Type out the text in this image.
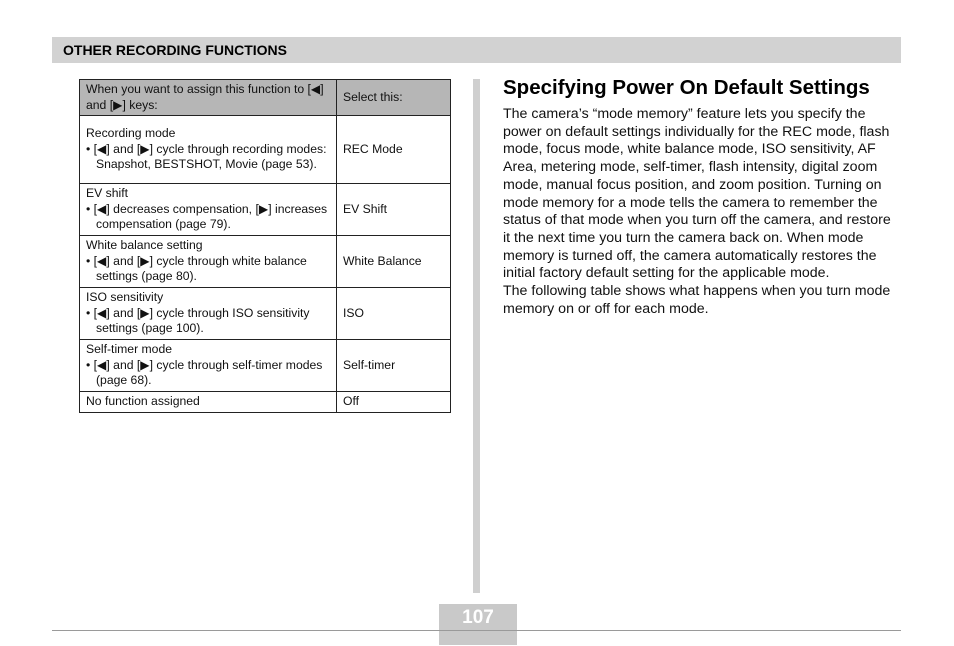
OTHER RECORDING FUNCTIONS
When you want to assign this function to [◀] and [▶] keys:	Select this:

Recording mode
• [◀] and [▶] cycle through recording modes: Snapshot, BESTSHOT, Movie (page 53).	REC Mode

EV shift
• [◀] decreases compensation, [▶] increases compensation (page 79).	EV Shift

White balance setting
• [◀] and [▶] cycle through white balance settings (page 80).	White Balance

ISO sensitivity
• [◀] and [▶] cycle through ISO sensitivity settings (page 100).	ISO

Self-timer mode
• [◀] and [▶] cycle through self-timer modes (page 68).	Self-timer

No function assigned	Off
Specifying Power On Default Settings
The camera’s “mode memory” feature lets you specify the power on default settings individually for the REC mode, flash mode, focus mode, white balance mode, ISO sensitivity, AF Area, metering mode, self-timer, flash intensity, digital zoom mode, manual focus position, and zoom position. Turning on mode memory for a mode tells the camera to remember the status of that mode when you turn off the camera, and restore it the next time you turn the camera back on. When mode memory is turned off, the camera automatically restores the initial factory default setting for the applicable mode.
The following table shows what happens when you turn mode memory on or off for each mode.
107
